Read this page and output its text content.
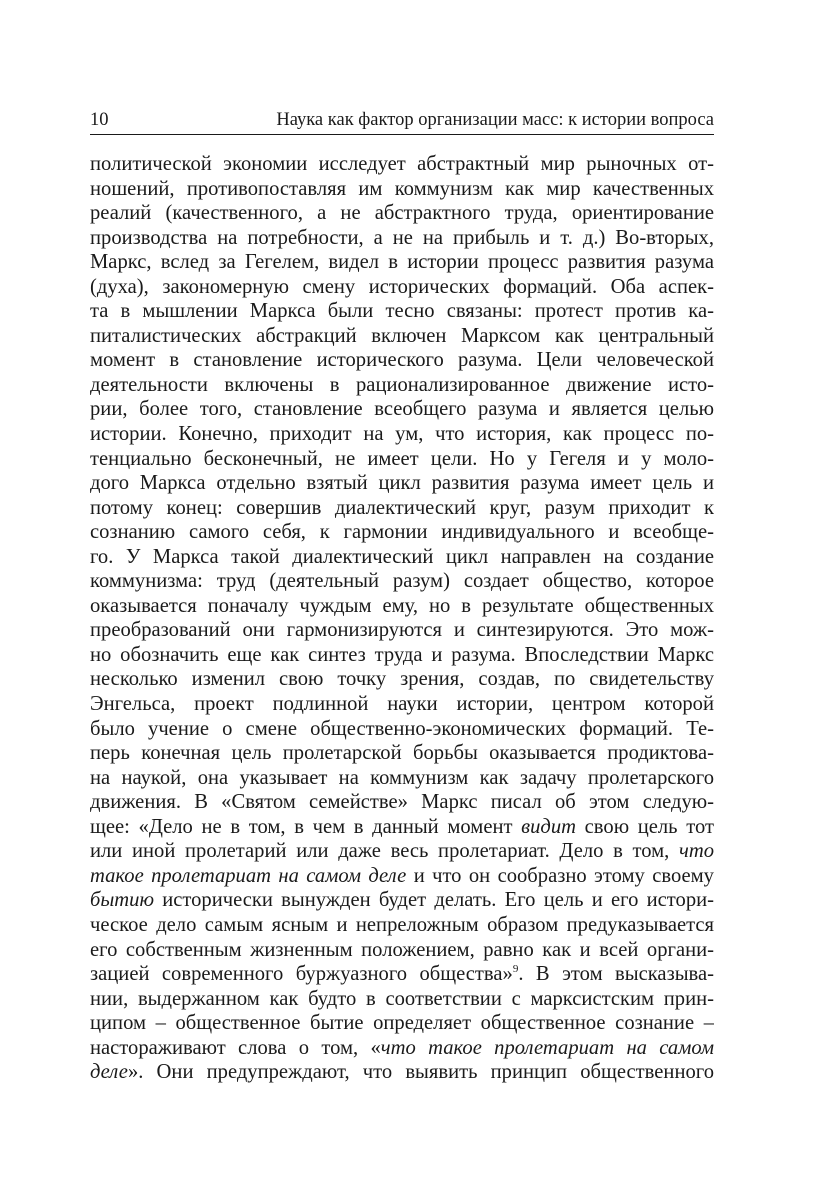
10	Наука как фактор организации масс: к истории вопроса
политической экономии исследует абстрактный мир рыночных от-
ношений, противопоставляя им коммунизм как мир качественных
реалий (качественного, а не абстрактного труда, ориентирование
производства на потребности, а не на прибыль и т. д.) Во-вторых,
Маркс, вслед за Гегелем, видел в истории процесс развития разума
(духа), закономерную смену исторических формаций. Оба аспек-
та в мышлении Маркса были тесно связаны: протест против ка-
питалистических абстракций включен Марксом как центральный
момент в становление исторического разума. Цели человеческой
деятельности включены в рационализированное движение исто-
рии, более того, становление всеобщего разума и является целью
истории. Конечно, приходит на ум, что история, как процесс по-
тенциально бесконечный, не имеет цели. Но у Гегеля и у моло-
дого Маркса отдельно взятый цикл развития разума имеет цель и
потому конец: совершив диалектический круг, разум приходит к
сознанию самого себя, к гармонии индивидуального и всеобще-
го. У Маркса такой диалектический цикл направлен на создание
коммунизма: труд (деятельный разум) создает общество, которое
оказывается поначалу чуждым ему, но в результате общественных
преобразований они гармонизируются и синтезируются. Это мож-
но обозначить еще как синтез труда и разума. Впоследствии Маркс
несколько изменил свою точку зрения, создав, по свидетельству
Энгельса, проект подлинной науки истории, центром которой
было учение о смене общественно-экономических формаций. Те-
перь конечная цель пролетарской борьбы оказывается продиктова-
на наукой, она указывает на коммунизм как задачу пролетарского
движения. В «Святом семействе» Маркс писал об этом следую-
щее: «Дело не в том, в чем в данный момент видит свою цель тот
или иной пролетарий или даже весь пролетариат. Дело в том, что
такое пролетариат на самом деле и что он сообразно этому своему
бытию исторически вынужден будет делать. Его цель и его истори-
ческое дело самым ясным и непреложным образом предуказывается
его собственным жизненным положением, равно как и всей органи-
зацией современного буржуазного общества»$^9$. В этом высказыва-
нии, выдержанном как будто в соответствии с марксистским прин-
ципом – общественное бытие определяет общественное сознание –
настораживают слова о том, «что такое пролетариат на самом
деле». Они предупреждают, что выявить принцип общественного
